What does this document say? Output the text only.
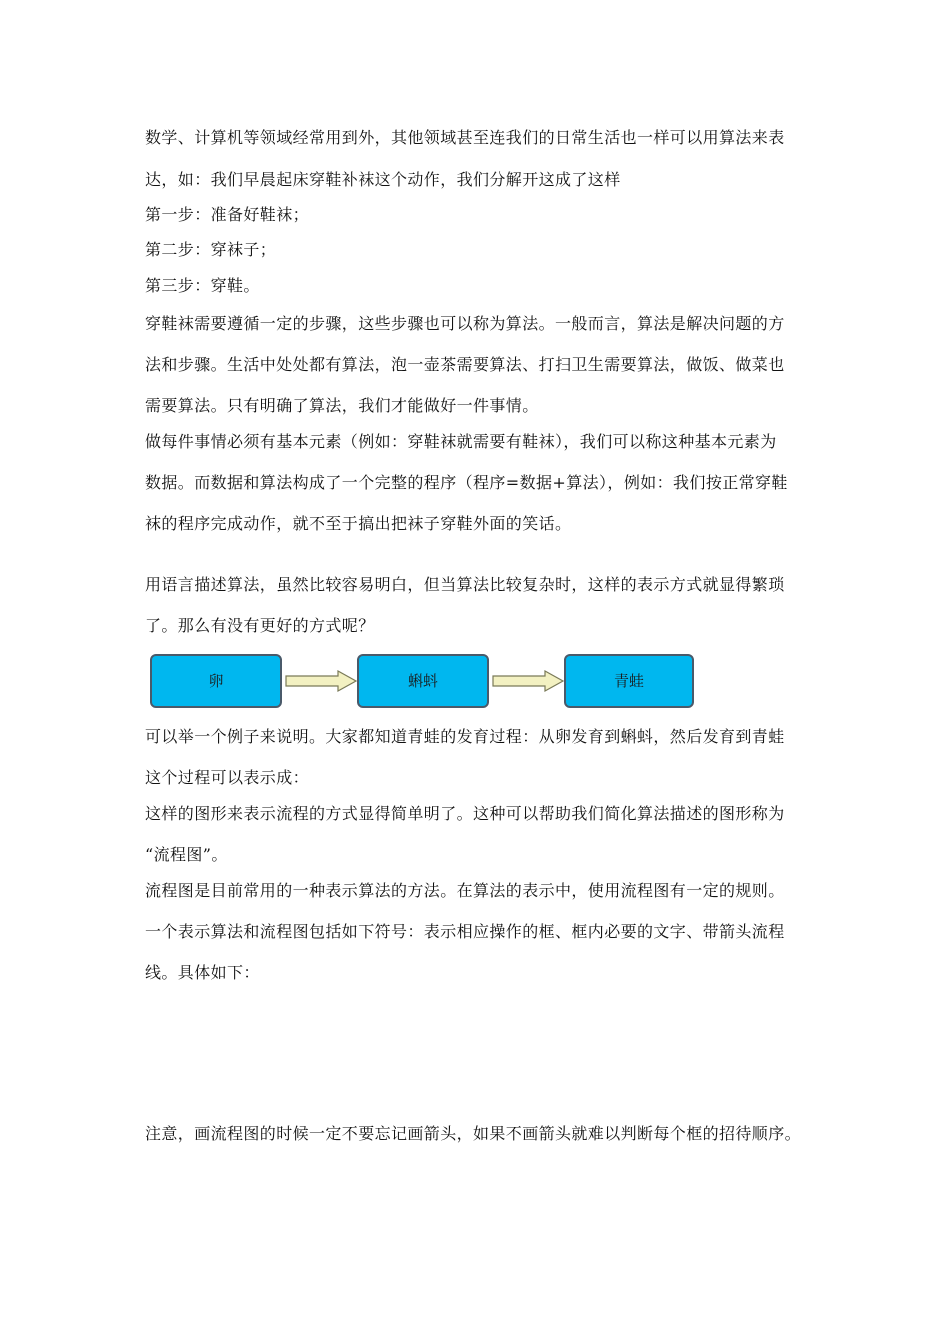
数学、计算机等领域经常用到外，其他领域甚至连我们的日常生活也一样可以用算法来表
达，如：我们早晨起床穿鞋补袜这个动作，我们分解开这成了这样
第一步：准备好鞋袜；
第二步：穿袜子；
第三步：穿鞋。
穿鞋袜需要遵循一定的步骤，这些步骤也可以称为算法。一般而言，算法是解决问题的方
法和步骤。生活中处处都有算法，泡一壶茶需要算法、打扫卫生需要算法，做饭、做菜也
需要算法。只有明确了算法，我们才能做好一件事情。
做每件事情必须有基本元素（例如：穿鞋袜就需要有鞋袜），我们可以称这种基本元素为
数据。而数据和算法构成了一个完整的程序（程序=数据+算法），例如：我们按正常穿鞋
袜的程序完成动作，就不至于搞出把袜子穿鞋外面的笑话。
用语言描述算法，虽然比较容易明白，但当算法比较复杂时，这样的表示方式就显得繁琐
了。那么有没有更好的方式呢？
卵	蝌蚪	青蛙
可以举一个例子来说明。大家都知道青蛙的发育过程：从卵发育到蝌蚪，然后发育到青蛙
这个过程可以表示成：
这样的图形来表示流程的方式显得简单明了。这种可以帮助我们简化算法描述的图形称为
“流程图”。
流程图是目前常用的一种表示算法的方法。在算法的表示中，使用流程图有一定的规则。
一个表示算法和流程图包括如下符号：表示相应操作的框、框内必要的文字、带箭头流程
线。具体如下：
注意，画流程图的时候一定不要忘记画箭头，如果不画箭头就难以判断每个框的招待顺序。
